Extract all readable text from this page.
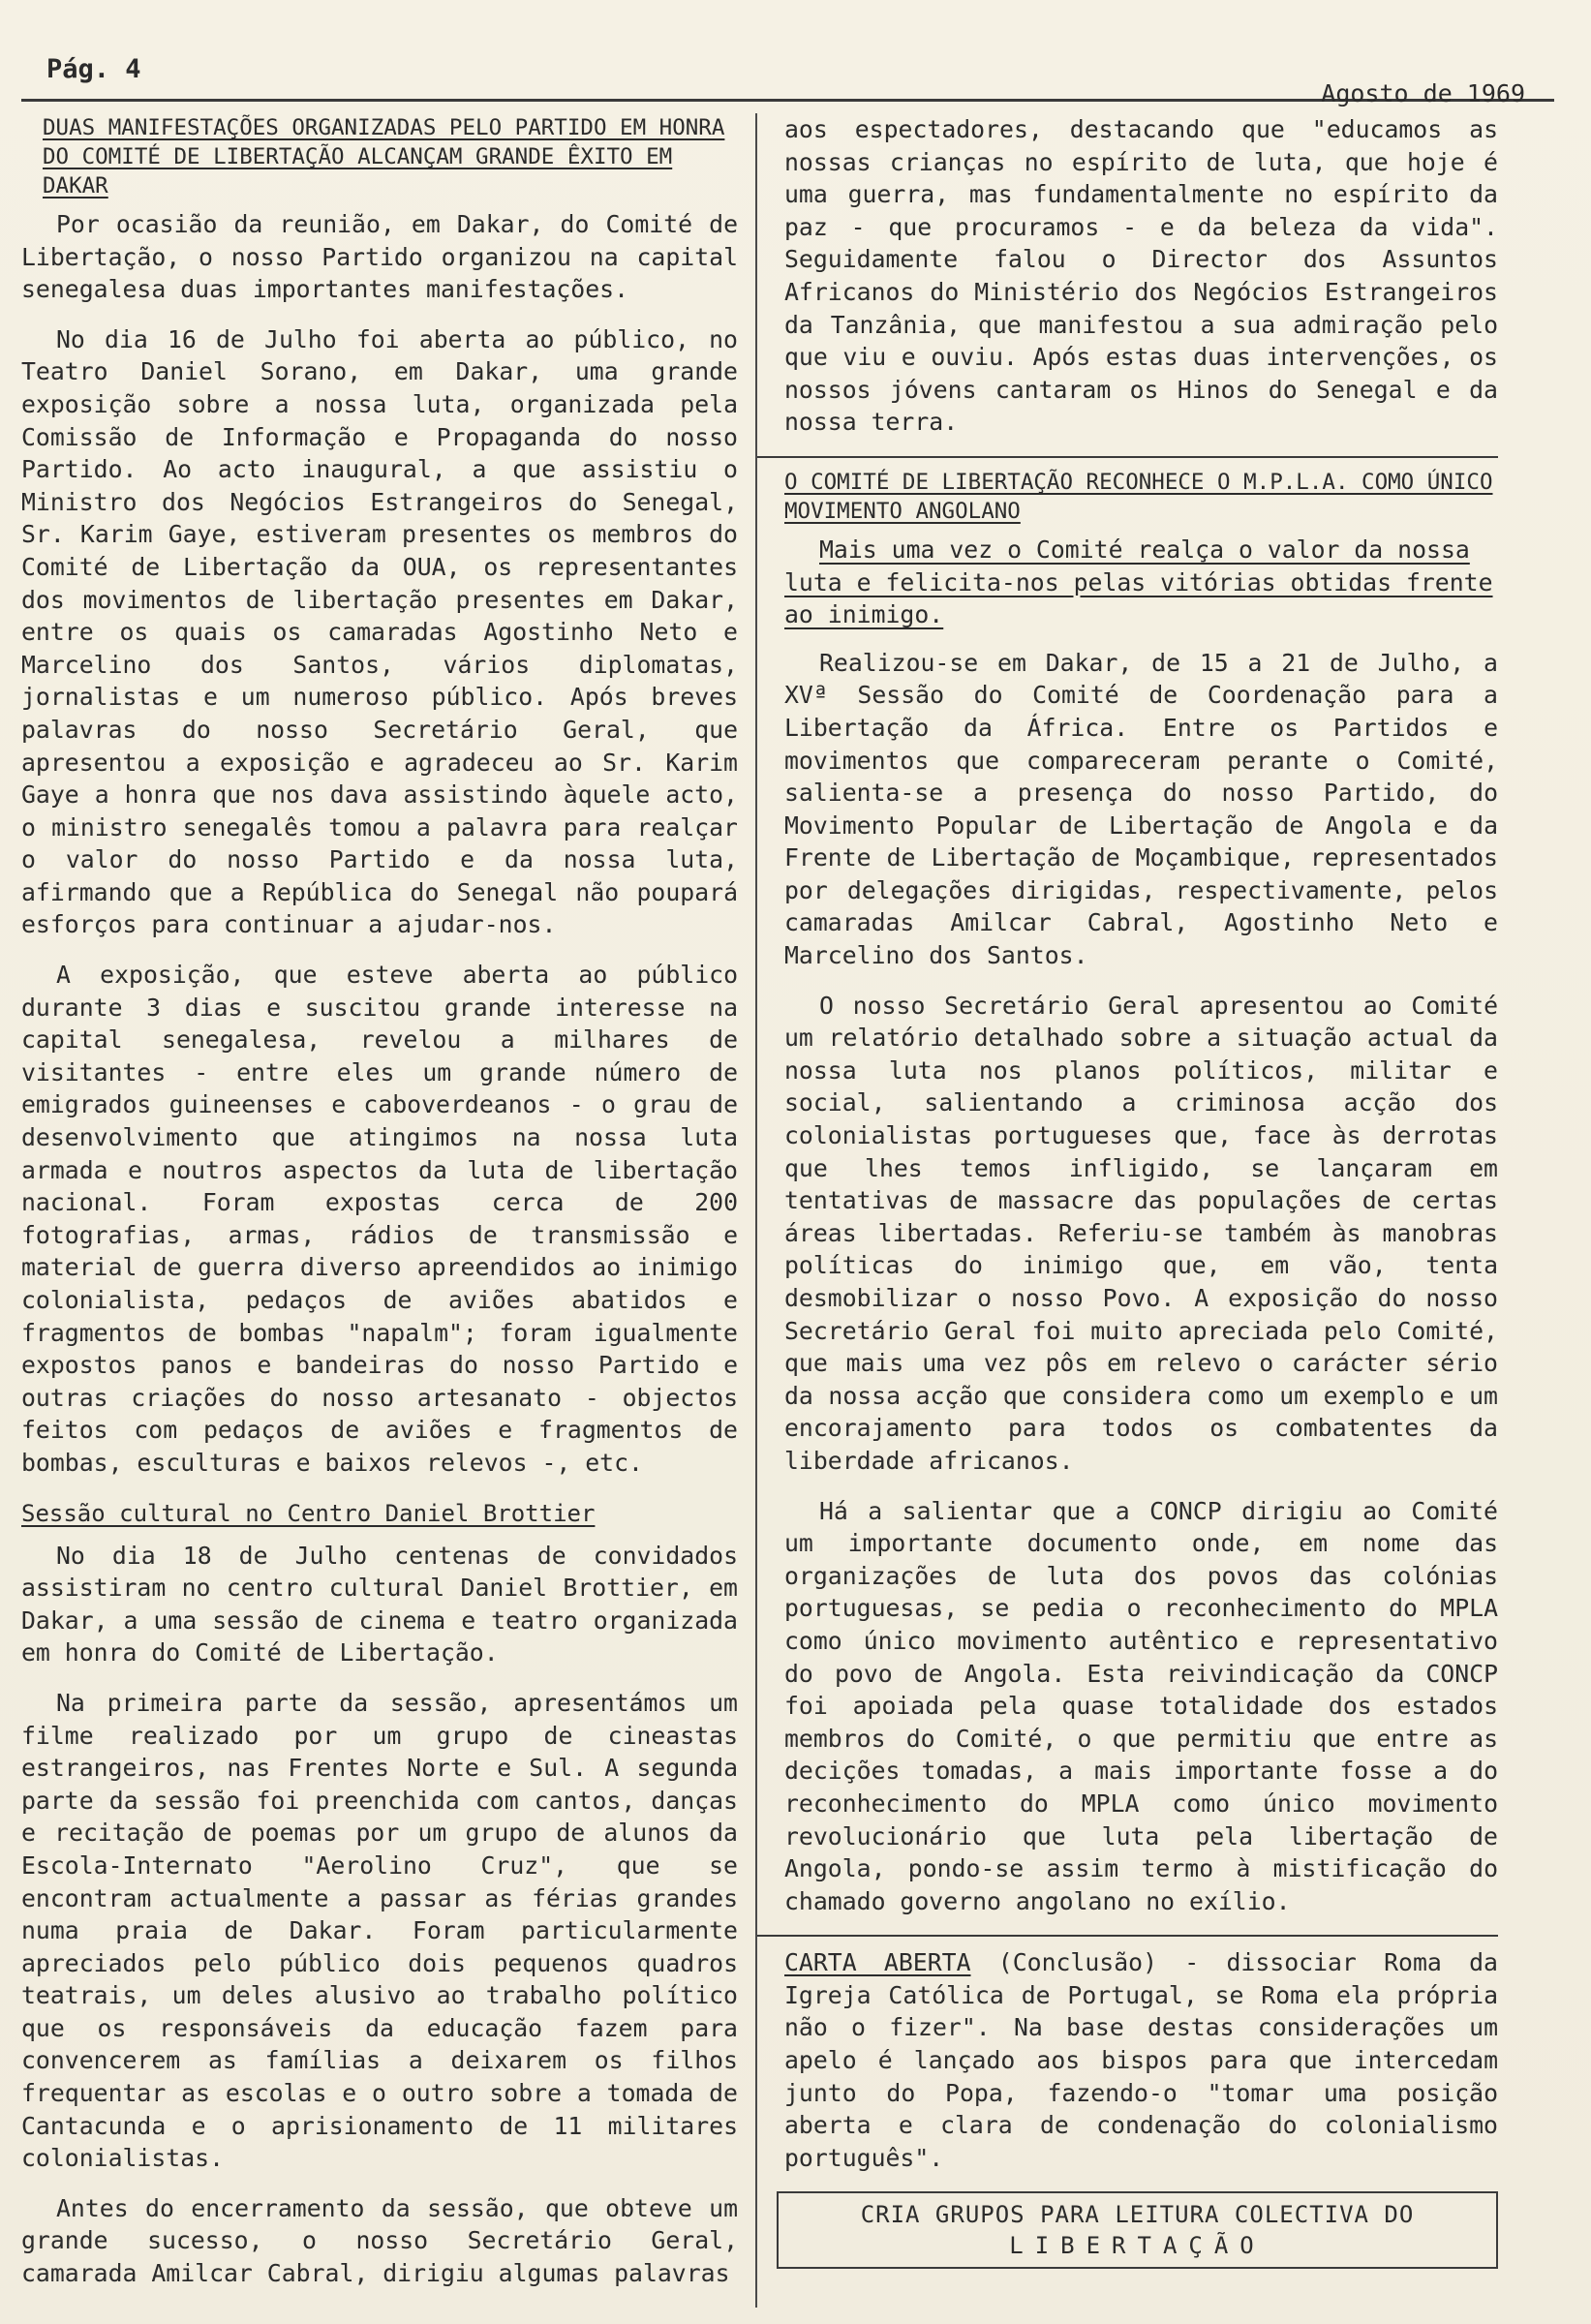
Pág. 4
Agosto de 1969
DUAS MANIFESTAÇÕES ORGANIZADAS PELO PARTIDO EM HONRA DO COMITÉ DE LIBERTAÇÃO ALCANÇAM GRANDE ÊXITO EM DAKAR

Por ocasião da reunião, em Dakar, do Comité de Libertação, o nosso Partido organizou na capital senegalesa duas importantes manifestações.

No dia 16 de Julho foi aberta ao público, no Teatro Daniel Sorano, em Dakar, uma grande exposição sobre a nossa luta, organizada pela Comissão de Informação e Propaganda do nosso Partido. Ao acto inaugural, a que assistiu o Ministro dos Negócios Estrangeiros do Senegal, Sr. Karim Gaye, estiveram presentes os membros do Comité de Libertação da OUA, os representantes dos movimentos de libertação presentes em Dakar, entre os quais os camaradas Agostinho Neto e Marcelino dos Santos, vários diplomatas, jornalistas e um numeroso público. Após breves palavras do nosso Secretário Geral, que apresentou a exposição e agradeceu ao Sr. Karim Gaye a honra que nos dava assistindo àquele acto, o ministro senegalês tomou a palavra para realçar o valor do nosso Partido e da nossa luta, afirmando que a República do Senegal não poupará esforços para continuar a ajudar-nos.

A exposição, que esteve aberta ao público durante 3 dias e suscitou grande interesse na capital senegalesa, revelou a milhares de visitantes - entre eles um grande número de emigrados guineenses e caboverdeanos - o grau de desenvolvimento que atingimos na nossa luta armada e noutros aspectos da luta de libertação nacional. Foram expostas cerca de 200 fotografias, armas, rádios de transmissão e material de guerra diverso apreendidos ao inimigo colonialista, pedaços de aviões abatidos e fragmentos de bombas "napalm"; foram igualmente expostos panos e bandeiras do nosso Partido e outras criações do nosso artesanato - objectos feitos com pedaços de aviões e fragmentos de bombas, esculturas e baixos relevos -, etc.

Sessão cultural no Centro Daniel Brottier

No dia 18 de Julho centenas de convidados assistiram no centro cultural Daniel Brottier, em Dakar, a uma sessão de cinema e teatro organizada em honra do Comité de Libertação.

Na primeira parte da sessão, apresentámos um filme realizado por um grupo de cineastas estrangeiros, nas Frentes Norte e Sul. A segunda parte da sessão foi preenchida com cantos, danças e recitação de poemas por um grupo de alunos da Escola-Internato "Aerolino Cruz", que se encontram actualmente a passar as férias grandes numa praia de Dakar. Foram particularmente apreciados pelo público dois pequenos quadros teatrais, um deles alusivo ao trabalho político que os responsáveis da educação fazem para convencerem as famílias a deixarem os filhos frequentar as escolas e o outro sobre a tomada de Cantacunda e o aprisionamento de 11 militares colonialistas.

Antes do encerramento da sessão, que obteve um grande sucesso, o nosso Secretário Geral, camarada Amilcar Cabral, dirigiu algumas palavras

aos espectadores, destacando que "educamos as nossas crianças no espírito de luta, que hoje é uma guerra, mas fundamentalmente no espírito da paz - que procuramos - e da beleza da vida". Seguidamente falou o Director dos Assuntos Africanos do Ministério dos Negócios Estrangeiros da Tanzânia, que manifestou a sua admiração pelo que viu e ouviu. Após estas duas intervenções, os nossos jóvens cantaram os Hinos do Senegal e da nossa terra.

O COMITÉ DE LIBERTAÇÃO RECONHECE O M.P.L.A. COMO ÚNICO MOVIMENTO ANGOLANO
Mais uma vez o Comité realça o valor da nossa luta e felicita-nos pelas vitórias obtidas frente ao inimigo.

Realizou-se em Dakar, de 15 a 21 de Julho, a XVª Sessão do Comité de Coordenação para a Libertação da África. Entre os Partidos e movimentos que compareceram perante o Comité, salienta-se a presença do nosso Partido, do Movimento Popular de Libertação de Angola e da Frente de Libertação de Moçambique, representados por delegações dirigidas, respectivamente, pelos camaradas Amilcar Cabral, Agostinho Neto e Marcelino dos Santos.

O nosso Secretário Geral apresentou ao Comité um relatório detalhado sobre a situação actual da nossa luta nos planos políticos, militar e social, salientando a criminosa acção dos colonialistas portugueses que, face às derrotas que lhes temos infligido, se lançaram em tentativas de massacre das populações de certas áreas libertadas. Referiu-se também às manobras políticas do inimigo que, em vão, tenta desmobilizar o nosso Povo. A exposição do nosso Secretário Geral foi muito apreciada pelo Comité, que mais uma vez pôs em relevo o carácter sério da nossa acção que considera como um exemplo e um encorajamento para todos os combatentes da liberdade africanos.

Há a salientar que a CONCP dirigiu ao Comité um importante documento onde, em nome das organizações de luta dos povos das colónias portuguesas, se pedia o reconhecimento do MPLA como único movimento autêntico e representativo do povo de Angola. Esta reivindicação da CONCP foi apoiada pela quase totalidade dos estados membros do Comité, o que permitiu que entre as decições tomadas, a mais importante fosse a do reconhecimento do MPLA como único movimento revolucionário que luta pela libertação de Angola, pondo-se assim termo à mistificação do chamado governo angolano no exílio.

CARTA ABERTA (Conclusão) - dissociar Roma da Igreja Católica de Portugal, se Roma ela própria não o fizer". Na base destas considerações um apelo é lançado aos bispos para que intercedam junto do Popa, fazendo-o "tomar uma posição aberta e clara de condenação do colonialismo português".

CRIA GRUPOS PARA LEITURA COLECTIVA DO
LIBERTAÇÃO
